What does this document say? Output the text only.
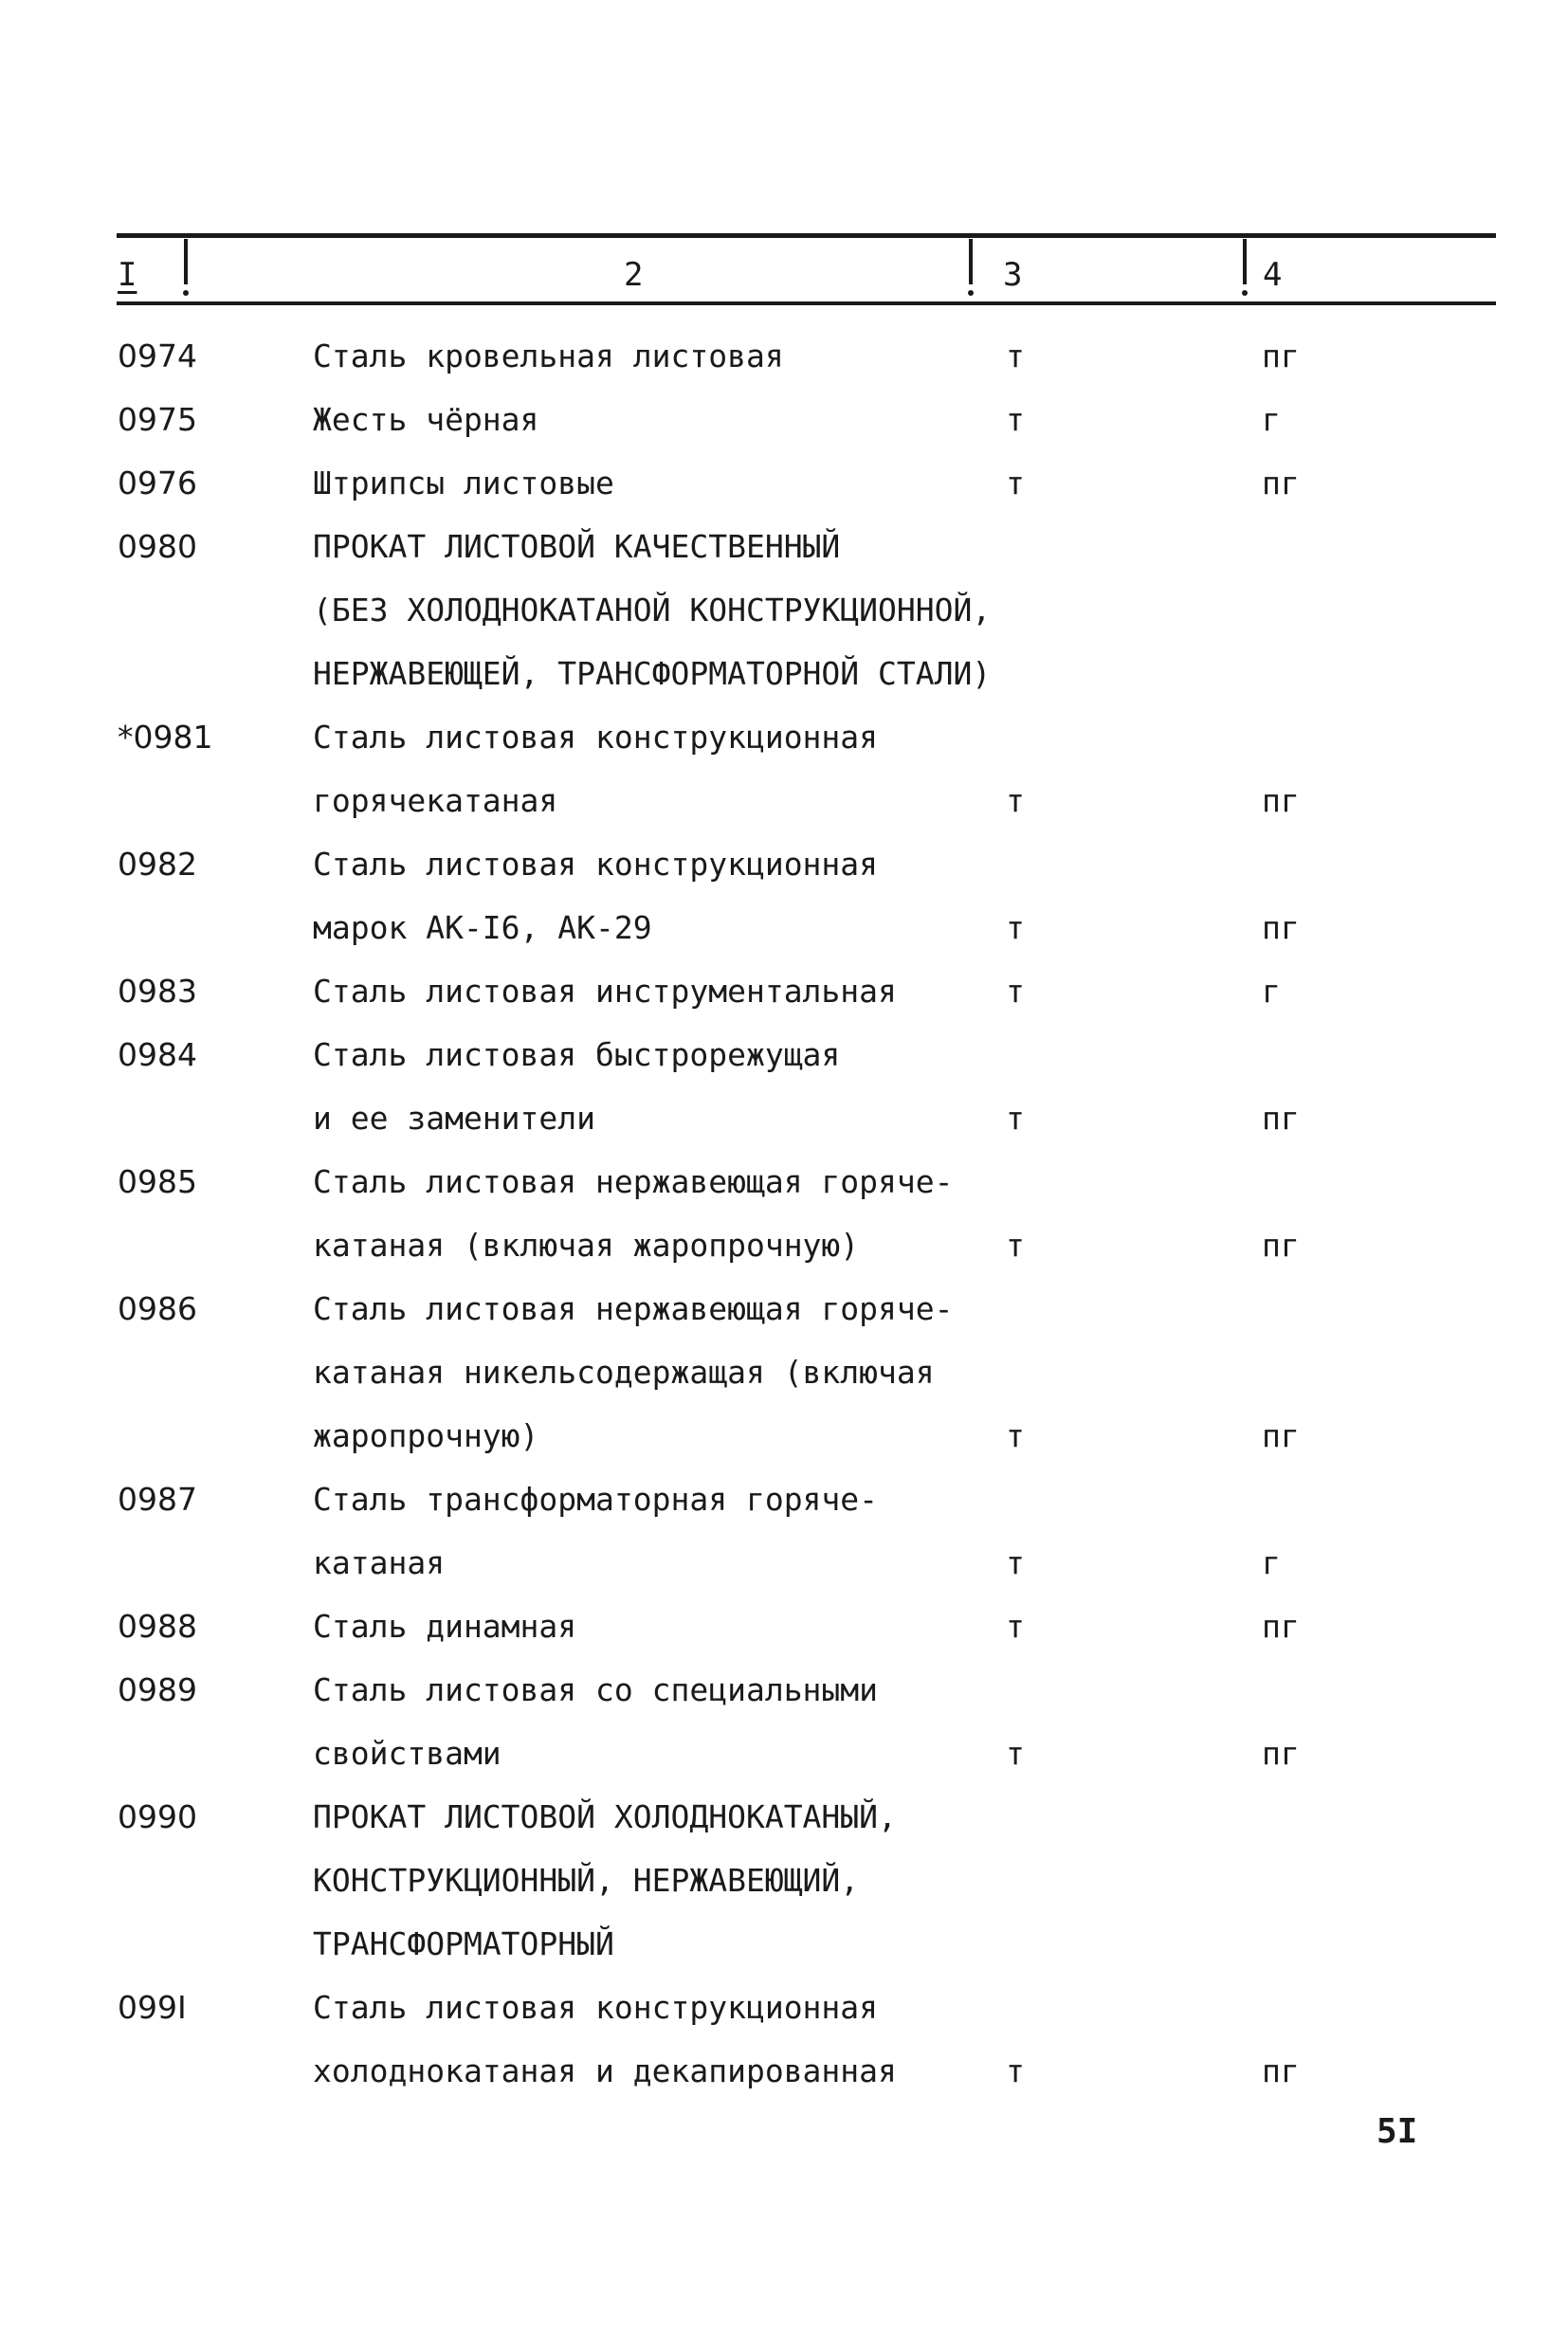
I	2	3	4
0974	Сталь кровельная листовая	т	пг
0975	Жесть чёрная	т	г
0976	Штрипсы листовые	т	пг
0980	ПРОКАТ ЛИСТОВОЙ КАЧЕСТВЕННЫЙ
(БЕЗ ХОЛОДНОКАТАНОЙ КОНСТРУКЦИОННОЙ,
НЕРЖАВЕЮЩЕЙ, ТРАНСФОРМАТОРНОЙ СТАЛИ)
*0981	Сталь листовая конструкционная
горячекатаная	т	пг
0982	Сталь листовая конструкционная
марок АК-I6, АК-29	т	пг
0983	Сталь листовая инструментальная	т	г
0984	Сталь листовая быстрорежущая
и ее заменители	т	пг
0985	Сталь листовая нержавеющая горяче-
катаная (включая жаропрочную)	т	пг
0986	Сталь листовая нержавеющая горяче-
катаная никельсодержащая (включая
жаропрочную)	т	пг
0987	Сталь трансформаторная горяче-
катаная	т	г
0988	Сталь динамная	т	пг
0989	Сталь листовая со специальными
свойствами	т	пг
0990	ПРОКАТ ЛИСТОВОЙ ХОЛОДНОКАТАНЫЙ,
КОНСТРУКЦИОННЫЙ, НЕРЖАВЕЮЩИЙ,
ТРАНСФОРМАТОРНЫЙ
099I	Сталь листовая конструкционная
холоднокатаная и декапированная	т	пг
5I
